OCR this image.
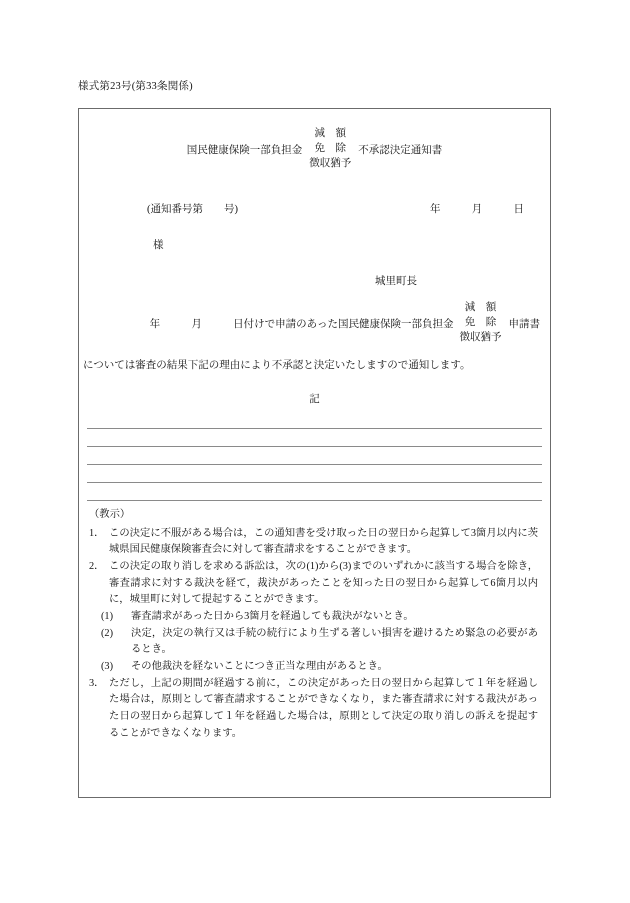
様式第23号(第33条関係)
国民健康保険一部負担金
減　額
免　除
徴収猶予
不承認決定通知書
(通知番号第　　号)	年	月	日
様
城里町長
年	月	日付けで申請のあった国民健康保険一部負担金
減　額
免　除
徴収猶予
申請書
については審査の結果下記の理由により不承認と決定いたしますので通知します。
記
（教示）
1． この決定に不服がある場合は，この通知書を受け取った日の翌日から起算して3箇月以内に茨城県国民健康保険審査会に対して審査請求をすることができます。
2． この決定の取り消しを求める訴訟は，次の(1)から(3)までのいずれかに該当する場合を除き，審査請求に対する裁決を経て，裁決があったことを知った日の翌日から起算して6箇月以内に，城里町に対して提起することができます。
(1)	審査請求があった日から3箇月を経過しても裁決がないとき。
(2)	決定，決定の執行又は手続の続行により生ずる著しい損害を避けるため緊急の必要があるとき。
(3)	その他裁決を経ないことにつき正当な理由があるとき。
3． ただし，上記の期間が経過する前に，この決定があった日の翌日から起算して１年を経過した場合は，原則として審査請求することができなくなり，また審査請求に対する裁決があった日の翌日から起算して１年を経過した場合は，原則として決定の取り消しの訴えを提起することができなくなります。
